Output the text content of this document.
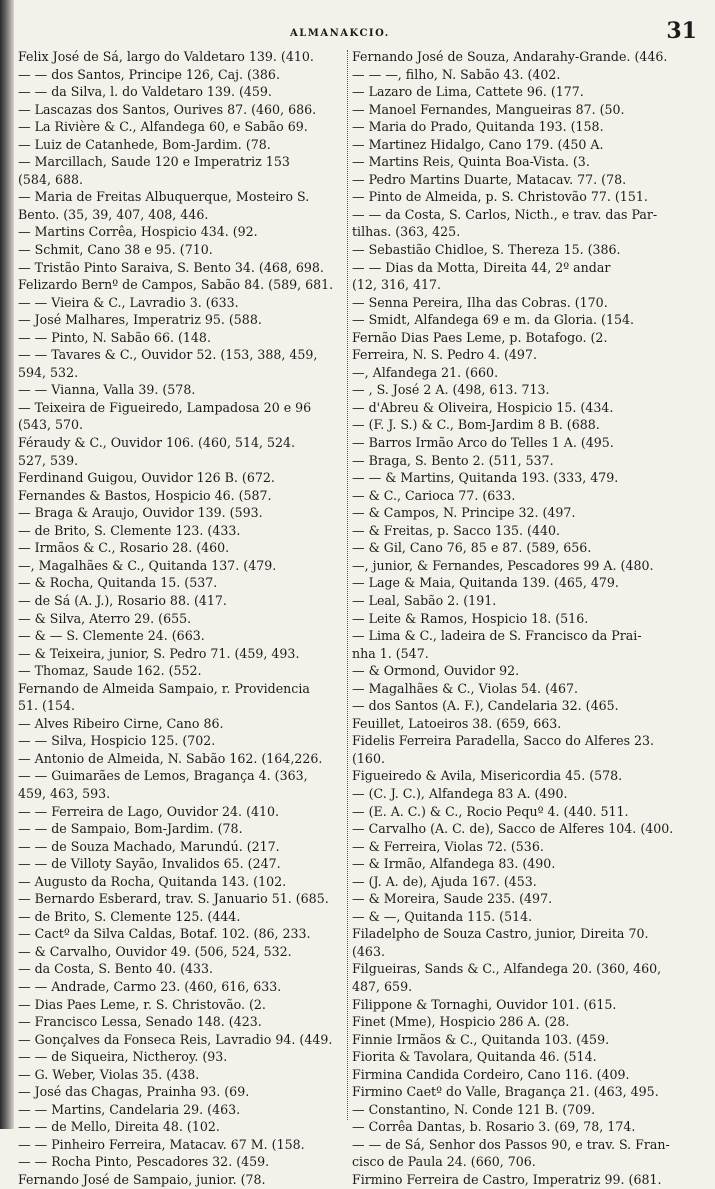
ALMANAKCIO.	31
Felix José de Sá, largo do Valdetaro 139. (410.
— — dos Santos, Principe 126, Caj. (386.
— — da Silva, l. do Valdetaro 139. (459.
— Lascazas dos Santos, Ourives 87. (460, 686.
— La Rivière & C., Alfandega 60, e Sabão 69.
— Luiz de Catanhede, Bom-Jardim. (78.
— Marcillach, Saude 120 e Imperatriz 153
(584, 688.
— Maria de Freitas Albuquerque, Mosteiro S.
Bento. (35, 39, 407, 408, 446.
— Martins Corrêa, Hospicio 434. (92.
— Schmit, Cano 38 e 95. (710.
— Tristão Pinto Saraiva, S. Bento 34. (468, 698.
Felizardo Bernº de Campos, Sabão 84. (589, 681.
— — Vieira & C., Lavradio 3. (633.
— José Malhares, Imperatriz 95. (588.
— — Pinto, N. Sabão 66. (148.
— — Tavares & C., Ouvidor 52. (153, 388, 459,
594, 532.
— — Vianna, Valla 39. (578.
— Teixeira de Figueiredo, Lampadosa 20 e 96
(543, 570.
Féraudy & C., Ouvidor 106. (460, 514, 524.
527, 539.
Ferdinand Guigou, Ouvidor 126 B. (672.
Fernandes & Bastos, Hospicio 46. (587.
— Braga & Araujo, Ouvidor 139. (593.
— de Brito, S. Clemente 123. (433.
— Irmãos & C., Rosario 28. (460.
—, Magalhães & C., Quitanda 137. (479.
— & Rocha, Quitanda 15. (537.
— de Sá (A. J.), Rosario 88. (417.
— & Silva, Aterro 29. (655.
— & — S. Clemente 24. (663.
— & Teixeira, junior, S. Pedro 71. (459, 493.
— Thomaz, Saude 162. (552.
Fernando de Almeida Sampaio, r. Providencia
51. (154.
— Alves Ribeiro Cirne, Cano 86.
— — Silva, Hospicio 125. (702.
— Antonio de Almeida, N. Sabão 162. (164,226.
— — Guimarães de Lemos, Bragança 4. (363,
459, 463, 593.
— — Ferreira de Lago, Ouvidor 24. (410.
— — de Sampaio, Bom-Jardim. (78.
— — de Souza Machado, Marundú. (217.
— — de Villoty Sayão, Invalidos 65. (247.
— Augusto da Rocha, Quitanda 143. (102.
— Bernardo Esberard, trav. S. Januario 51. (685.
— de Brito, S. Clemente 125. (444.
— Cactº da Silva Caldas, Botaf. 102. (86, 233.
— & Carvalho, Ouvidor 49. (506, 524, 532.
— da Costa, S. Bento 40. (433.
— — Andrade, Carmo 23. (460, 616, 633.
— Dias Paes Leme, r. S. Christovão. (2.
— Francisco Lessa, Senado 148. (423.
— Gonçalves da Fonseca Reis, Lavradio 94. (449.
— — de Siqueira, Nictheroy. (93.
— G. Weber, Violas 35. (438.
— José das Chagas, Prainha 93. (69.
— — Martins, Candelaria 29. (463.
— — de Mello, Direita 48. (102.
— — Pinheiro Ferreira, Matacav. 67 M. (158.
— — Rocha Pinto, Pescadores 32. (459.
Fernando José de Sampaio, junior. (78.
Fernando José de Souza, Andarahy-Grande. (446.
— — —, filho, N. Sabão 43. (402.
— Lazaro de Lima, Cattete 96. (177.
— Manoel Fernandes, Mangueiras 87. (50.
— Maria do Prado, Quitanda 193. (158.
— Martinez Hidalgo, Cano 179. (450 A.
— Martins Reis, Quinta Boa-Vista. (3.
— Pedro Martins Duarte, Matacav. 77. (78.
— Pinto de Almeida, p. S. Christovão 77. (151.
— — da Costa, S. Carlos, Nicth., e trav. das Par-
tilhas. (363, 425.
— Sebastião Chidloe, S. Thereza 15. (386.
— — Dias da Motta, Direita 44, 2º andar
(12, 316, 417.
— Senna Pereira, Ilha das Cobras. (170.
— Smidt, Alfandega 69 e m. da Gloria. (154.
Fernão Dias Paes Leme, p. Botafogo. (2.
Ferreira, N. S. Pedro 4. (497.
—, Alfandega 21. (660.
— , S. José 2 A. (498, 613. 713.
— d'Abreu & Oliveira, Hospicio 15. (434.
— (F. J. S.) & C., Bom-Jardim 8 B. (688.
— Barros Irmão Arco do Telles 1 A. (495.
— Braga, S. Bento 2. (511, 537.
— — & Martins, Quitanda 193. (333, 479.
— & C., Carioca 77. (633.
— & Campos, N. Principe 32. (497.
— & Freitas, p. Sacco 135. (440.
— & Gil, Cano 76, 85 e 87. (589, 656.
—, junior, & Fernandes, Pescadores 99 A. (480.
— Lage & Maia, Quitanda 139. (465, 479.
— Leal, Sabão 2. (191.
— Leite & Ramos, Hospicio 18. (516.
— Lima & C., ladeira de S. Francisco da Prai-
nha 1. (547.
— & Ormond, Ouvidor 92.
— Magalhães & C., Violas 54. (467.
— dos Santos (A. F.), Candelaria 32. (465.
Feuillet, Latoeiros 38. (659, 663.
Fidelis Ferreira Paradella, Sacco do Alferes 23.
(160.
Figueiredo & Avila, Misericordia 45. (578.
— (C. J. C.), Alfandega 83 A. (490.
— (E. A. C.) & C., Rocio Pequº 4. (440. 511.
— Carvalho (A. C. de), Sacco de Alferes 104. (400.
— & Ferreira, Violas 72. (536.
— & Irmão, Alfandega 83. (490.
— (J. A. de), Ajuda 167. (453.
— & Moreira, Saude 235. (497.
— & —, Quitanda 115. (514.
Filadelpho de Souza Castro, junior, Direita 70.
(463.
Filgueiras, Sands & C., Alfandega 20. (360, 460,
487, 659.
Filippone & Tornaghi, Ouvidor 101. (615.
Finet (Mme), Hospicio 286 A. (28.
Finnie Irmãos & C., Quitanda 103. (459.
Fiorita & Tavolara, Quitanda 46. (514.
Firmina Candida Cordeiro, Cano 116. (409.
Firmino Caetº do Valle, Bragança 21. (463, 495.
— Constantino, N. Conde 121 B. (709.
— Corrêa Dantas, b. Rosario 3. (69, 78, 174.
— — de Sá, Senhor dos Passos 90, e trav. S. Fran-
cisco de Paula 24. (660, 706.
Firmino Ferreira de Castro, Imperatriz 99. (681.
